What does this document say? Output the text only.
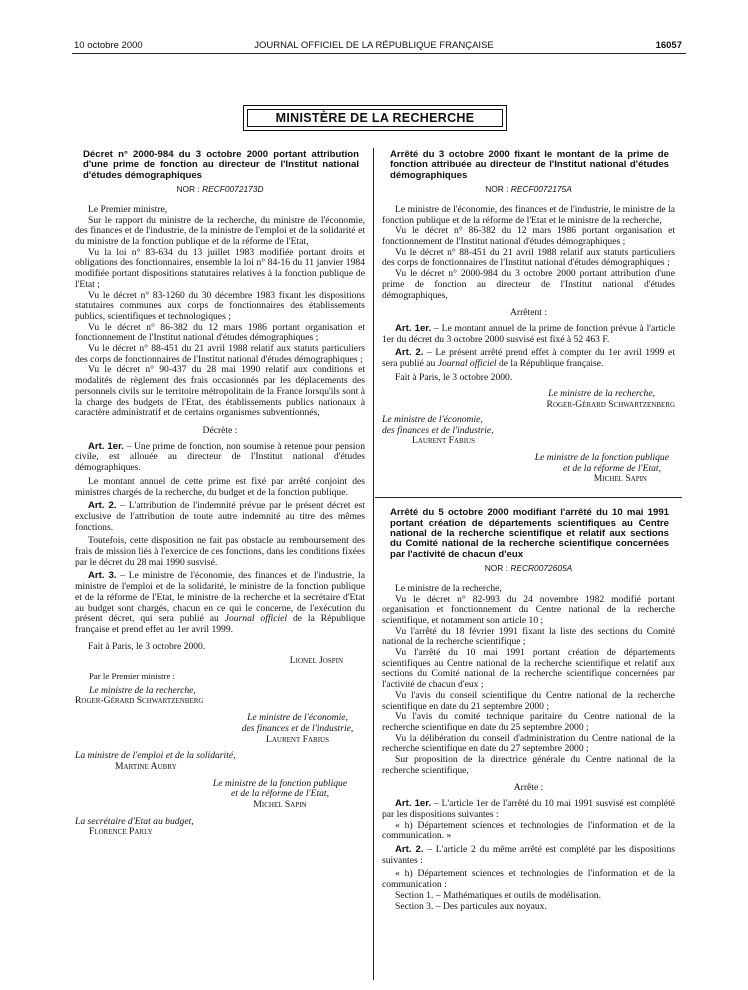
10 octobre 2000	JOURNAL OFFICIEL DE LA RÉPUBLIQUE FRANÇAISE	16057
MINISTÈRE DE LA RECHERCHE

Décret n° 2000-984 du 3 octobre 2000 portant attribution d'une prime de fonction au directeur de l'Institut national d'études démographiques

NOR : RECF0072173D

Le Premier ministre,

Sur le rapport du ministre de la recherche, du ministre de l'économie, des finances et de l'industrie, de la ministre de l'emploi et de la solidarité et du ministre de la fonction publique et de la réforme de l'Etat,

Vu la loi n° 83-634 du 13 juillet 1983 modifiée portant droits et obligations des fonctionnaires, ensemble la loi n° 84-16 du 11 janvier 1984 modifiée portant dispositions statutaires relatives à la fonction publique de l'Etat ;

Vu le décret n° 83-1260 du 30 décembre 1983 fixant les dispositions statutaires communes aux corps de fonctionnaires des établissements publics, scientifiques et technologiques ;

Vu le décret n° 86-382 du 12 mars 1986 portant organisation et fonctionnement de l'Institut national d'études démographiques ;

Vu le décret n° 88-451 du 21 avril 1988 relatif aux statuts particuliers des corps de fonctionnaires de l'Institut national d'études démographiques ;

Vu le décret n° 90-437 du 28 mai 1990 relatif aux conditions et modalités de règlement des frais occasionnés par les déplacements des personnels civils sur le territoire métropolitain de la France lorsqu'ils sont à la charge des budgets de l'Etat, des établissements publics nationaux à caractère administratif et de certains organismes subventionnés,

Décrète :

Art. 1er. – Une prime de fonction, non soumise à retenue pour pension civile, est allouée au directeur de l'Institut national d'études démographiques.

Le montant annuel de cette prime est fixé par arrêté conjoint des ministres chargés de la recherche, du budget et de la fonction publique.

Art. 2. – L'attribution de l'indemnité prévue par le présent décret est exclusive de l'attribution de toute autre indemnité au titre des mêmes fonctions.

Toutefois, cette disposition ne fait pas obstacle au remboursement des frais de mission liés à l'exercice de ces fonctions, dans les conditions fixées par le décret du 28 mai 1990 susvisé.

Art. 3. – Le ministre de l'économie, des finances et de l'industrie, la ministre de l'emploi et de la solidarité, le ministre de la fonction publique et de la réforme de l'Etat, le ministre de la recherche et la secrétaire d'Etat au budget sont chargés, chacun en ce qui le concerne, de l'exécution du présent décret, qui sera publié au Journal officiel de la République française et prend effet au 1er avril 1999.

Fait à Paris, le 3 octobre 2000.

Lionel Jospin

Par le Premier ministre :

Le ministre de la recherche,

Roger-Gérard Schwartzenberg

Le ministre de l'économie,

des finances et de l'industrie,

Laurent Fabius

La ministre de l'emploi et de la solidarité,

Martine Aubry

Le ministre de la fonction publique

et de la réforme de l'Etat,

Michel Sapin

La secrétaire d'Etat au budget,

Florence Parly

Arrêté du 3 octobre 2000 fixant le montant de la prime de fonction attribuée au directeur de l'Institut national d'études démographiques

NOR : RECF0072175A

Le ministre de l'économie, des finances et de l'industrie, le ministre de la fonction publique et de la réforme de l'Etat et le ministre de la recherche,

Vu le décret n° 86-382 du 12 mars 1986 portant organisation et fonctionnement de l'Institut national d'études démographiques ;

Vu le décret n° 88-451 du 21 avril 1988 relatif aux statuts particuliers des corps de fonctionnaires de l'Institut national d'études démographiques ;

Vu le décret n° 2000-984 du 3 octobre 2000 portant attribution d'une prime de fonction au directeur de l'Institut national d'études démographiques,

Arrêtent :

Art. 1er. – Le montant annuel de la prime de fonction prévue à l'article 1er du décret du 3 octobre 2000 susvisé est fixé à 52 463 F.

Art. 2. – Le présent arrêté prend effet à compter du 1er avril 1999 et sera publié au Journal officiel de la République française.

Fait à Paris, le 3 octobre 2000.

Le ministre de la recherche,

Roger-Gérard Schwartzenberg

Le ministre de l'économie,

des finances et de l'industrie,

Laurent Fabius

Le ministre de la fonction publique

et de la réforme de l'Etat,

Michel Sapin

Arrêté du 5 octobre 2000 modifiant l'arrêté du 10 mai 1991 portant création de départements scientifiques au Centre national de la recherche scientifique et relatif aux sections du Comité national de la recherche scientifique concernées par l'activité de chacun d'eux

NOR : RECR0072605A

Le ministre de la recherche,

Vu le décret n° 82-993 du 24 novembre 1982 modifié portant organisation et fonctionnement du Centre national de la recherche scientifique, et notamment son article 10 ;

Vu l'arrêté du 18 février 1991 fixant la liste des sections du Comité national de la recherche scientifique ;

Vu l'arrêté du 10 mai 1991 portant création de départements scientifiques au Centre national de la recherche scientifique et relatif aux sections du Comité national de la recherche scientifique concernées par l'activité de chacun d'eux ;

Vu l'avis du conseil scientifique du Centre national de la recherche scientifique en date du 21 septembre 2000 ;

Vu l'avis du comité technique paritaire du Centre national de la recherche scientifique en date du 25 septembre 2000 ;

Vu la délibération du conseil d'administration du Centre national de la recherche scientifique en date du 27 septembre 2000 ;

Sur proposition de la directrice générale du Centre national de la recherche scientifique,

Arrête :

Art. 1er. – L'article 1er de l'arrêté du 10 mai 1991 susvisé est complété par les dispositions suivantes :

« h) Département sciences et technologies de l'information et de la communication. »

Art. 2. – L'article 2 du même arrêté est complété par les dispositions suivantes :

« h) Département sciences et technologies de l'information et de la communication :

Section 1. – Mathématiques et outils de modélisation.

Section 3. – Des particules aux noyaux.
